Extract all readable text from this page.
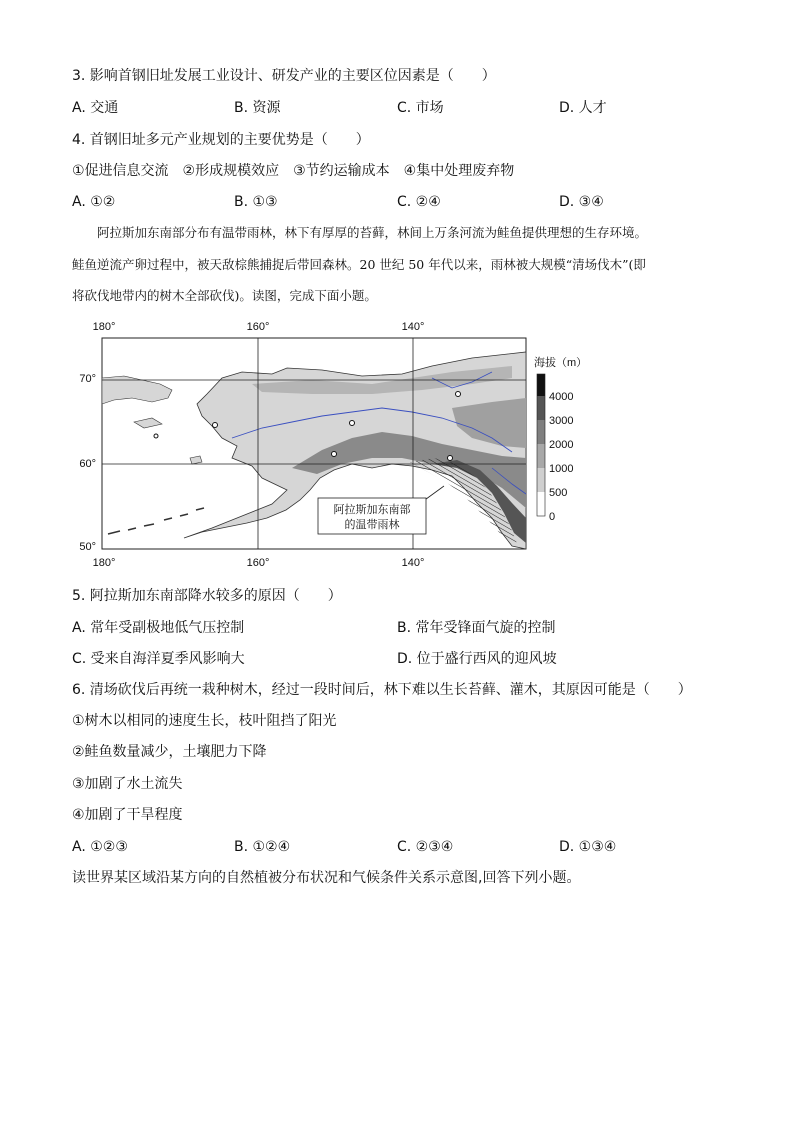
3. 影响首钢旧址发展工业设计、研发产业的主要区位因素是（　　）
A. 交通	B. 资源	C. 市场	D. 人才
4. 首钢旧址多元产业规划的主要优势是（　　）
①促进信息交流　②形成规模效应　③节约运输成本　④集中处理废弃物
A. ①②	B. ①③	C. ②④	D. ③④
　　阿拉斯加东南部分布有温带雨林，林下有厚厚的苔藓，林间上万条河流为鲑鱼提供理想的生存环境。
鲑鱼逆流产卵过程中，被天敌棕熊捕捉后带回森林。20 世纪 50 年代以来，雨林被大规模“清场伐木”(即
将砍伐地带内的树木全部砍伐)。读图，完成下面小题。
180°	160°	140°
70°
60°
50°
180°	160°	140°
阿拉斯加东南部
的温带雨林
海拔（m）
4000
3000
2000
1000
500
0
5. 阿拉斯加东南部降水较多的原因（　　）
A. 常年受副极地低气压控制	B. 常年受锋面气旋的控制
C. 受来自海洋夏季风影响大	D. 位于盛行西风的迎风坡
6. 清场砍伐后再统一栽种树木，经过一段时间后，林下难以生长苔藓、灌木，其原因可能是（　　）
①树木以相同的速度生长，枝叶阻挡了阳光
②鲑鱼数量减少，土壤肥力下降
③加剧了水土流失
④加剧了干旱程度
A. ①②③	B. ①②④	C. ②③④	D. ①③④
读世界某区域沿某方向的自然植被分布状况和气候条件关系示意图,回答下列小题。
